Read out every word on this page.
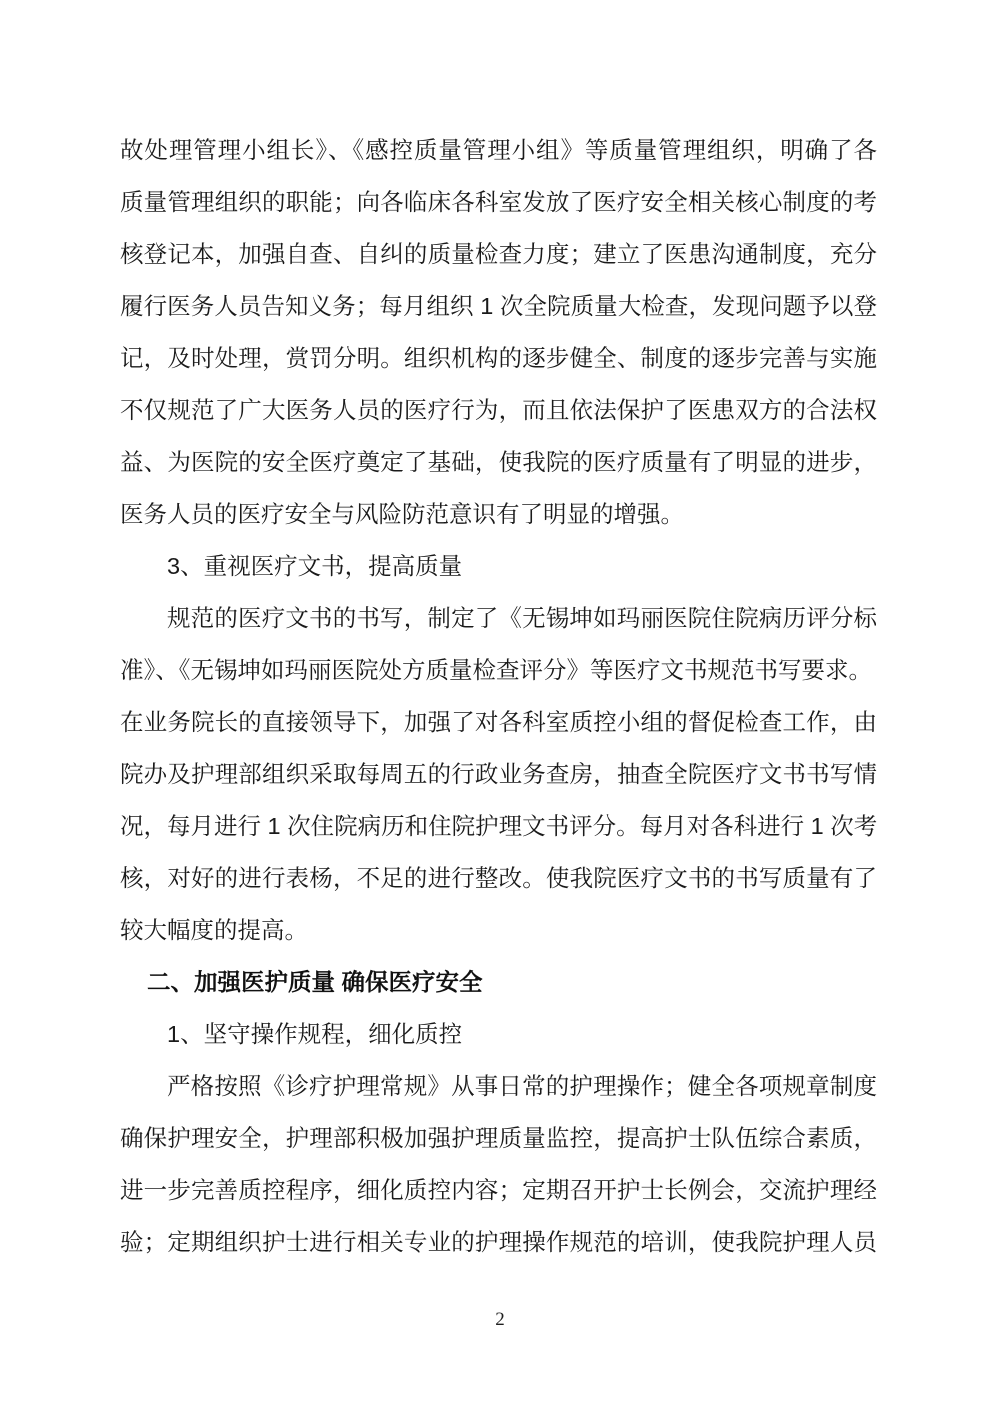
故处理管理小组长》、《感控质量管理小组》等质量管理组织，明确了各
质量管理组织的职能；向各临床各科室发放了医疗安全相关核心制度的考
核登记本，加强自查、自纠的质量检查力度；建立了医患沟通制度，充分
履行医务人员告知义务；每月组织 1 次全院质量大检查，发现问题予以登
记，及时处理，赏罚分明。组织机构的逐步健全、制度的逐步完善与实施
不仅规范了广大医务人员的医疗行为，而且依法保护了医患双方的合法权
益、为医院的安全医疗奠定了基础，使我院的医疗质量有了明显的进步，
医务人员的医疗安全与风险防范意识有了明显的增强。
3、重视医疗文书，提高质量
规范的医疗文书的书写，制定了《无锡坤如玛丽医院住院病历评分标
准》、《无锡坤如玛丽医院处方质量检查评分》等医疗文书规范书写要求。
在业务院长的直接领导下，加强了对各科室质控小组的督促检查工作，由
院办及护理部组织采取每周五的行政业务查房，抽查全院医疗文书书写情
况，每月进行 1 次住院病历和住院护理文书评分。每月对各科进行 1 次考
核，对好的进行表杨，不足的进行整改。使我院医疗文书的书写质量有了
较大幅度的提高。
二、加强医护质量 确保医疗安全
1、坚守操作规程，细化质控
严格按照《诊疗护理常规》从事日常的护理操作；健全各项规章制度
确保护理安全，护理部积极加强护理质量监控，提高护士队伍综合素质，
进一步完善质控程序，细化质控内容；定期召开护士长例会，交流护理经
验；定期组织护士进行相关专业的护理操作规范的培训，使我院护理人员
2
